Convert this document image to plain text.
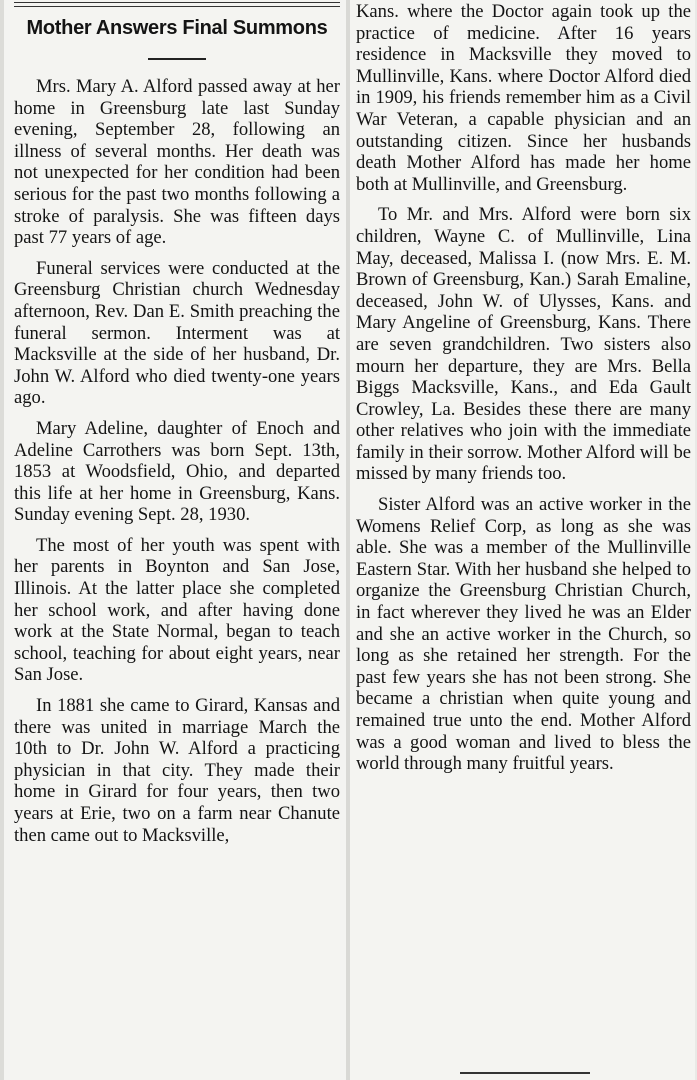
Mother Answers Final Summons

Mrs. Mary A. Alford passed away at her home in Greensburg late last Sunday evening, September 28, following an illness of several months. Her death was not unexpected for her condition had been serious for the past two months following a stroke of paralysis. She was fifteen days past 77 years of age.

Funeral services were conducted at the Greensburg Christian church Wednesday afternoon, Rev. Dan E. Smith preaching the funeral sermon. Interment was at Macksville at the side of her husband, Dr. John W. Alford who died twenty-one years ago.

Mary Adeline, daughter of Enoch and Adeline Carrothers was born Sept. 13th, 1853 at Woodsfield, Ohio, and departed this life at her home in Greensburg, Kans. Sunday evening Sept. 28, 1930.

The most of her youth was spent with her parents in Boynton and San Jose, Illinois. At the latter place she completed her school work, and after having done work at the State Normal, began to teach school, teaching for about eight years, near San Jose.

In 1881 she came to Girard, Kansas and there was united in marriage March the 10th to Dr. John W. Alford a practicing physician in that city. They made their home in Girard for four years, then two years at Erie, two on a farm near Chanute then came out to Macksville,

Kans. where the Doctor again took up the practice of medicine. After 16 years residence in Macksville they moved to Mullinville, Kans. where Doctor Alford died in 1909, his friends remember him as a Civil War Veteran, a capable physician and an outstanding citizen. Since her husbands death Mother Alford has made her home both at Mullinville, and Greensburg.

To Mr. and Mrs. Alford were born six children, Wayne C. of Mullinville, Lina May, deceased, Malissa I. (now Mrs. E. M. Brown of Greensburg, Kan.) Sarah Emaline, deceased, John W. of Ulysses, Kans. and Mary Angeline of Greensburg, Kans. There are seven grandchildren. Two sisters also mourn her departure, they are Mrs. Bella Biggs Macksville, Kans., and Eda Gault Crowley, La. Besides these there are many other relatives who join with the immediate family in their sorrow. Mother Alford will be missed by many friends too.

Sister Alford was an active worker in the Womens Relief Corp, as long as she was able. She was a member of the Mullinville Eastern Star. With her husband she helped to organize the Greensburg Christian Church, in fact wherever they lived he was an Elder and she an active worker in the Church, so long as she retained her strength. For the past few years she has not been strong. She became a christian when quite young and remained true unto the end. Mother Alford was a good woman and lived to bless the world through many fruitful years.
